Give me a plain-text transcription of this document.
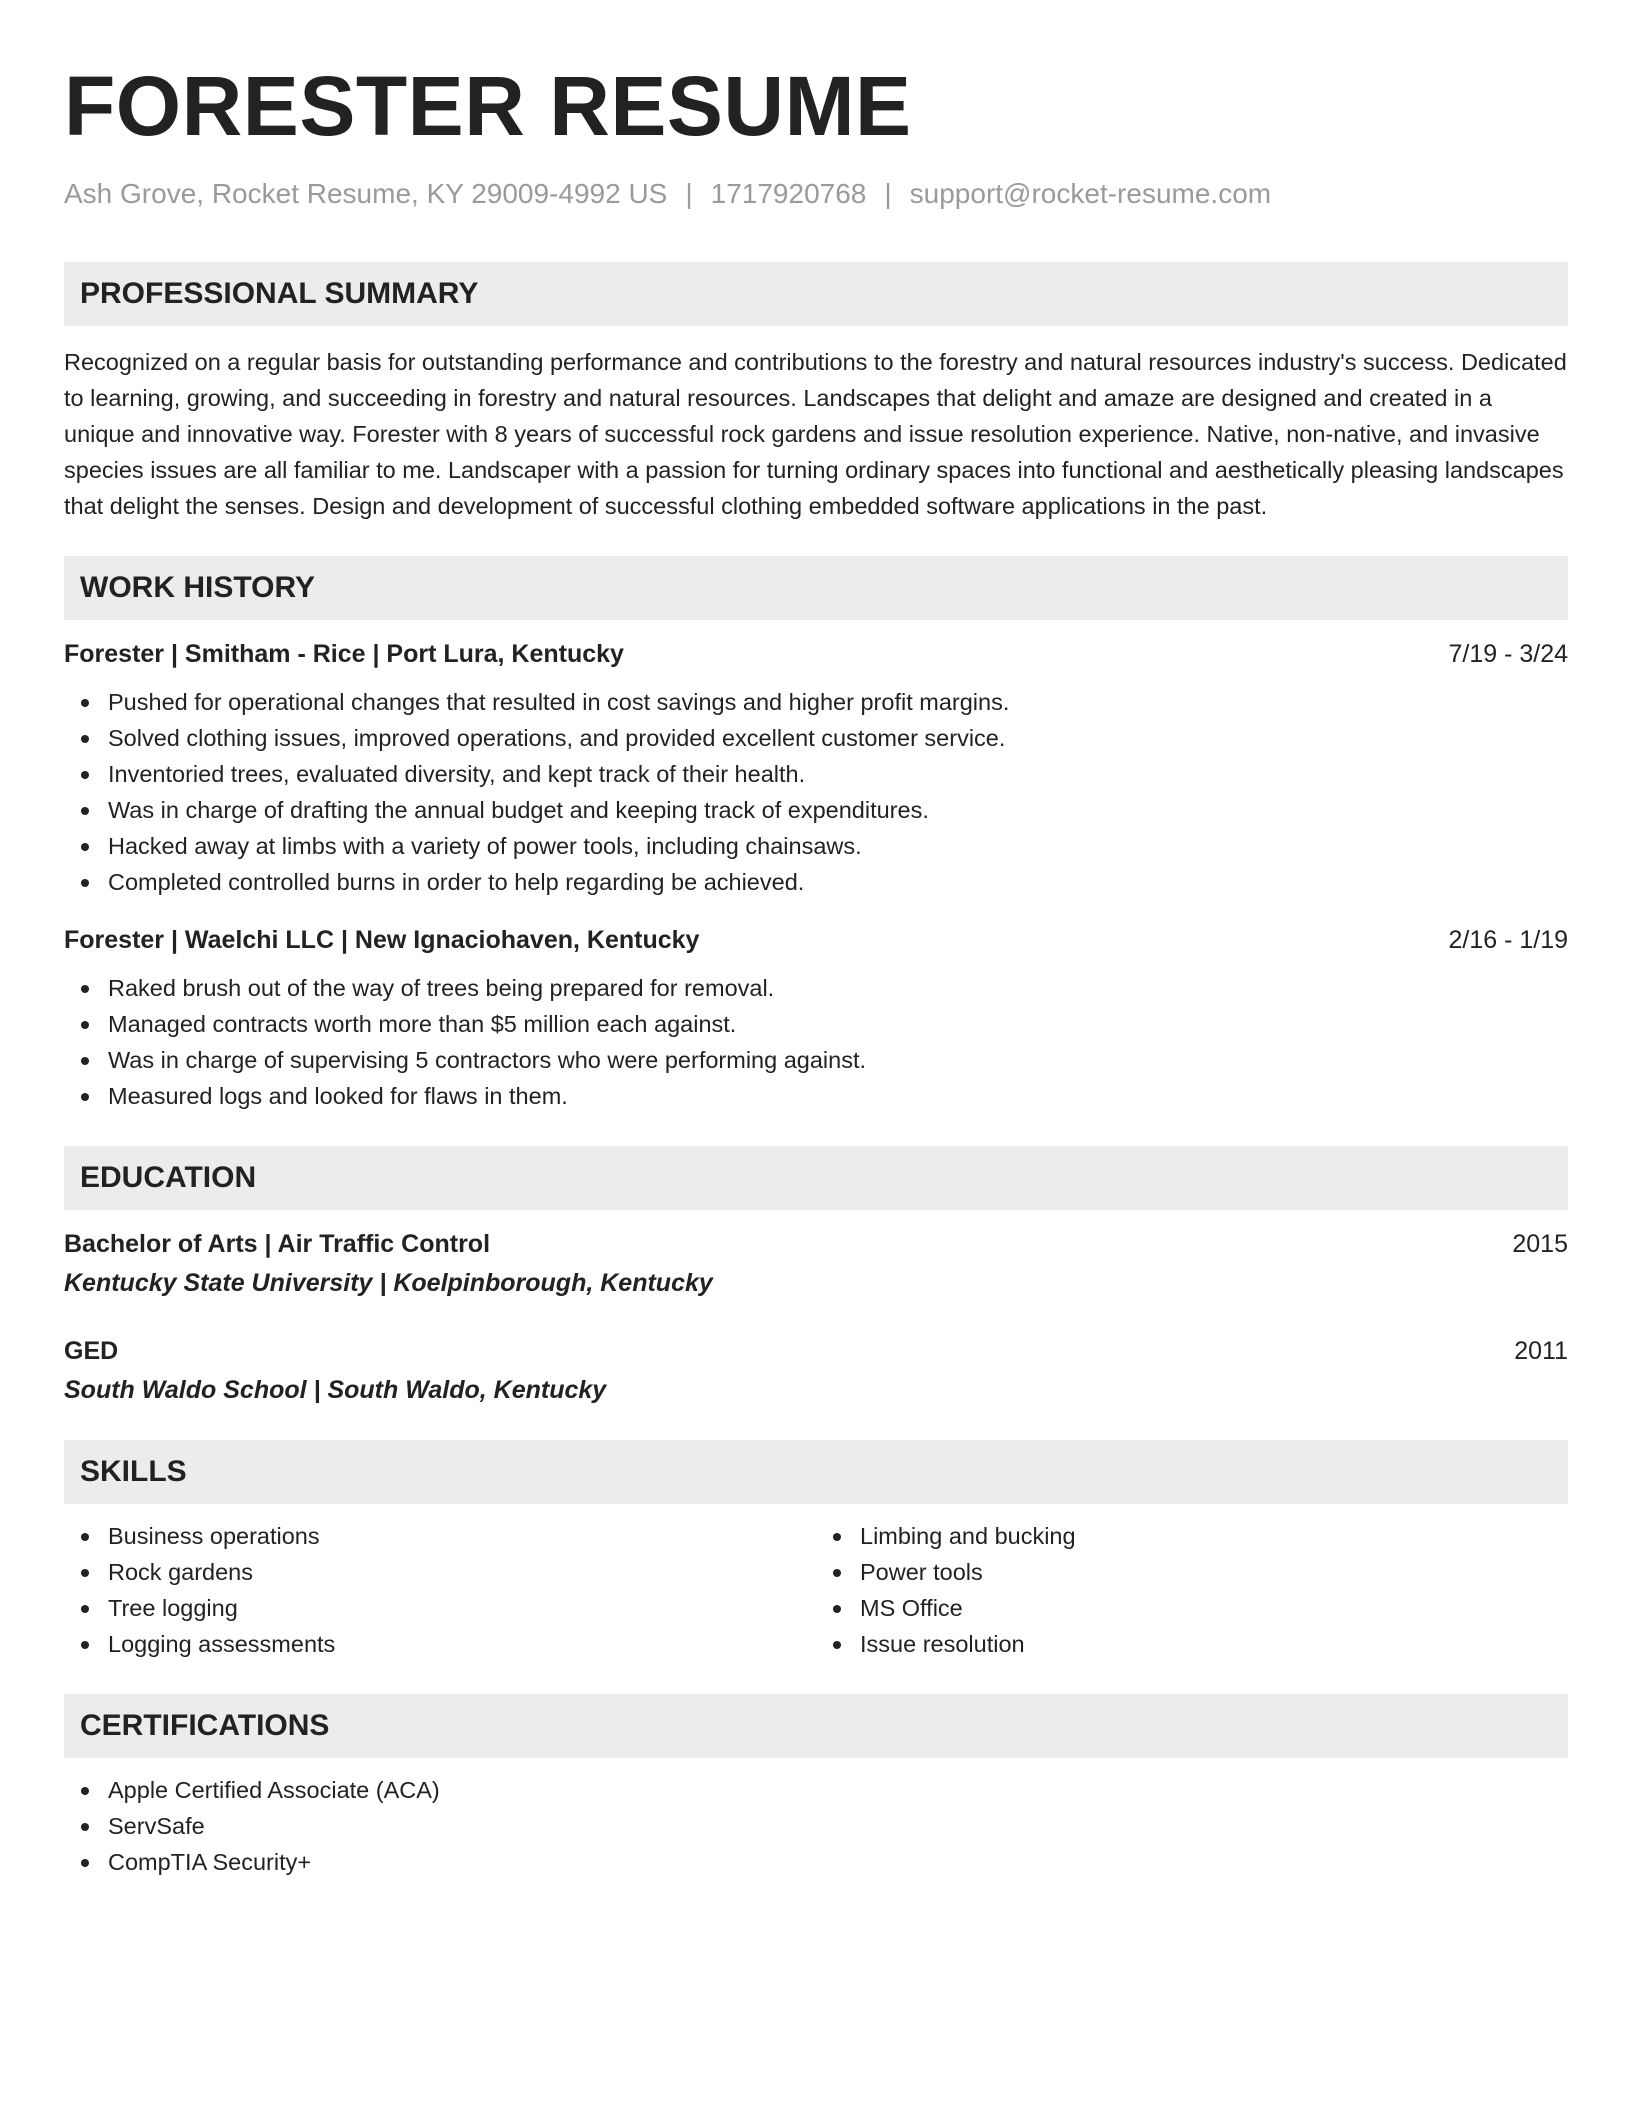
FORESTER RESUME
Ash Grove, Rocket Resume, KY 29009-4992 US | 1717920768 | support@rocket-resume.com
PROFESSIONAL SUMMARY
Recognized on a regular basis for outstanding performance and contributions to the forestry and natural resources industry's success. Dedicated to learning, growing, and succeeding in forestry and natural resources. Landscapes that delight and amaze are designed and created in a unique and innovative way. Forester with 8 years of successful rock gardens and issue resolution experience. Native, non-native, and invasive species issues are all familiar to me. Landscaper with a passion for turning ordinary spaces into functional and aesthetically pleasing landscapes that delight the senses. Design and development of successful clothing embedded software applications in the past.
WORK HISTORY
Forester | Smitham - Rice | Port Lura, Kentucky	7/19 - 3/24
Pushed for operational changes that resulted in cost savings and higher profit margins.
Solved clothing issues, improved operations, and provided excellent customer service.
Inventoried trees, evaluated diversity, and kept track of their health.
Was in charge of drafting the annual budget and keeping track of expenditures.
Hacked away at limbs with a variety of power tools, including chainsaws.
Completed controlled burns in order to help regarding be achieved.
Forester | Waelchi LLC | New Ignaciohaven, Kentucky	2/16 - 1/19
Raked brush out of the way of trees being prepared for removal.
Managed contracts worth more than $5 million each against.
Was in charge of supervising 5 contractors who were performing against.
Measured logs and looked for flaws in them.
EDUCATION
Bachelor of Arts | Air Traffic Control	2015
Kentucky State University | Koelpinborough, Kentucky
GED	2011
South Waldo School | South Waldo, Kentucky
SKILLS
Business operations
Rock gardens
Tree logging
Logging assessments
Limbing and bucking
Power tools
MS Office
Issue resolution
CERTIFICATIONS
Apple Certified Associate (ACA)
ServSafe
CompTIA Security+
